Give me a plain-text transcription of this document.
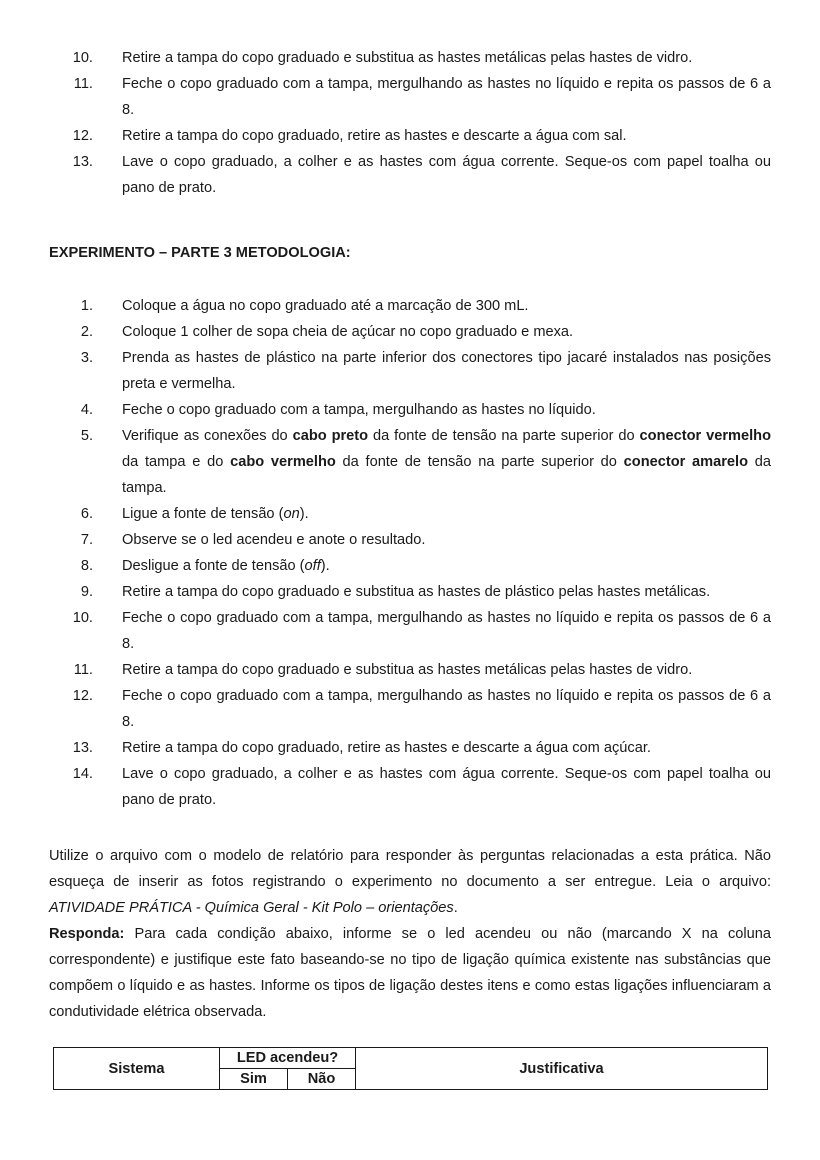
10. Retire a tampa do copo graduado e substitua as hastes metálicas pelas hastes de vidro.
11. Feche o copo graduado com a tampa, mergulhando as hastes no líquido e repita os passos de 6 a 8.
12. Retire a tampa do copo graduado, retire as hastes e descarte a água com sal.
13. Lave o copo graduado, a colher e as hastes com água corrente. Seque-os com papel toalha ou pano de prato.
EXPERIMENTO – PARTE 3 METODOLOGIA:
1. Coloque a água no copo graduado até a marcação de 300 mL.
2. Coloque 1 colher de sopa cheia de açúcar no copo graduado e mexa.
3. Prenda as hastes de plástico na parte inferior dos conectores tipo jacaré instalados nas posições preta e vermelha.
4. Feche o copo graduado com a tampa, mergulhando as hastes no líquido.
5. Verifique as conexões do cabo preto da fonte de tensão na parte superior do conector vermelho da tampa e do cabo vermelho da fonte de tensão na parte superior do conector amarelo da tampa.
6. Ligue a fonte de tensão (on).
7. Observe se o led acendeu e anote o resultado.
8. Desligue a fonte de tensão (off).
9. Retire a tampa do copo graduado e substitua as hastes de plástico pelas hastes metálicas.
10. Feche o copo graduado com a tampa, mergulhando as hastes no líquido e repita os passos de 6 a 8.
11. Retire a tampa do copo graduado e substitua as hastes metálicas pelas hastes de vidro.
12. Feche o copo graduado com a tampa, mergulhando as hastes no líquido e repita os passos de 6 a 8.
13. Retire a tampa do copo graduado, retire as hastes e descarte a água com açúcar.
14. Lave o copo graduado, a colher e as hastes com água corrente. Seque-os com papel toalha ou pano de prato.

Utilize o arquivo com o modelo de relatório para responder às perguntas relacionadas a esta prática. Não esqueça de inserir as fotos registrando o experimento no documento a ser entregue. Leia o arquivo: ATIVIDADE PRÁTICA - Química Geral - Kit Polo – orientações.

Responda: Para cada condição abaixo, informe se o led acendeu ou não (marcando X na coluna correspondente) e justifique este fato baseando-se no tipo de ligação química existente nas substâncias que compõem o líquido e as hastes. Informe os tipos de ligação destes itens e como estas ligações influenciaram a condutividade elétrica observada.

Sistema	LED acendeu?		Justificativa
	Sim	Não	
